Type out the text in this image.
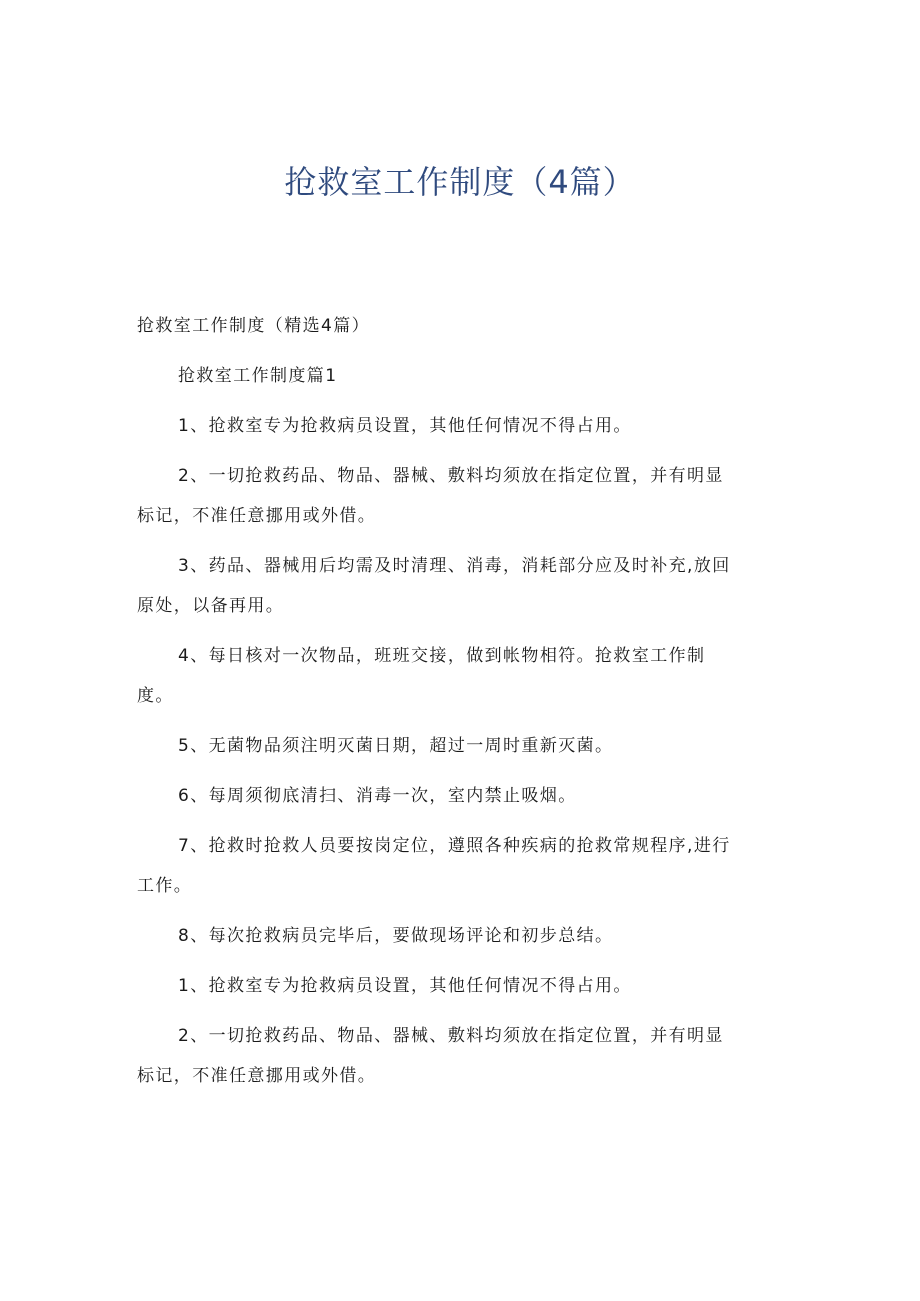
抢救室工作制度（4篇）
抢救室工作制度（精选4篇）
抢救室工作制度篇1
1、抢救室专为抢救病员设置，其他任何情况不得占用。
2、一切抢救药品、物品、器械、敷料均须放在指定位置，并有明显
标记，不准任意挪用或外借。
3、药品、器械用后均需及时清理、消毒，消耗部分应及时补充,放回
原处，以备再用。
4、每日核对一次物品，班班交接，做到帐物相符。抢救室工作制
度。
5、无菌物品须注明灭菌日期，超过一周时重新灭菌。
6、每周须彻底清扫、消毒一次，室内禁止吸烟。
7、抢救时抢救人员要按岗定位，遵照各种疾病的抢救常规程序,进行
工作。
8、每次抢救病员完毕后，要做现场评论和初步总结。
1、抢救室专为抢救病员设置，其他任何情况不得占用。
2、一切抢救药品、物品、器械、敷料均须放在指定位置，并有明显
标记，不准任意挪用或外借。
